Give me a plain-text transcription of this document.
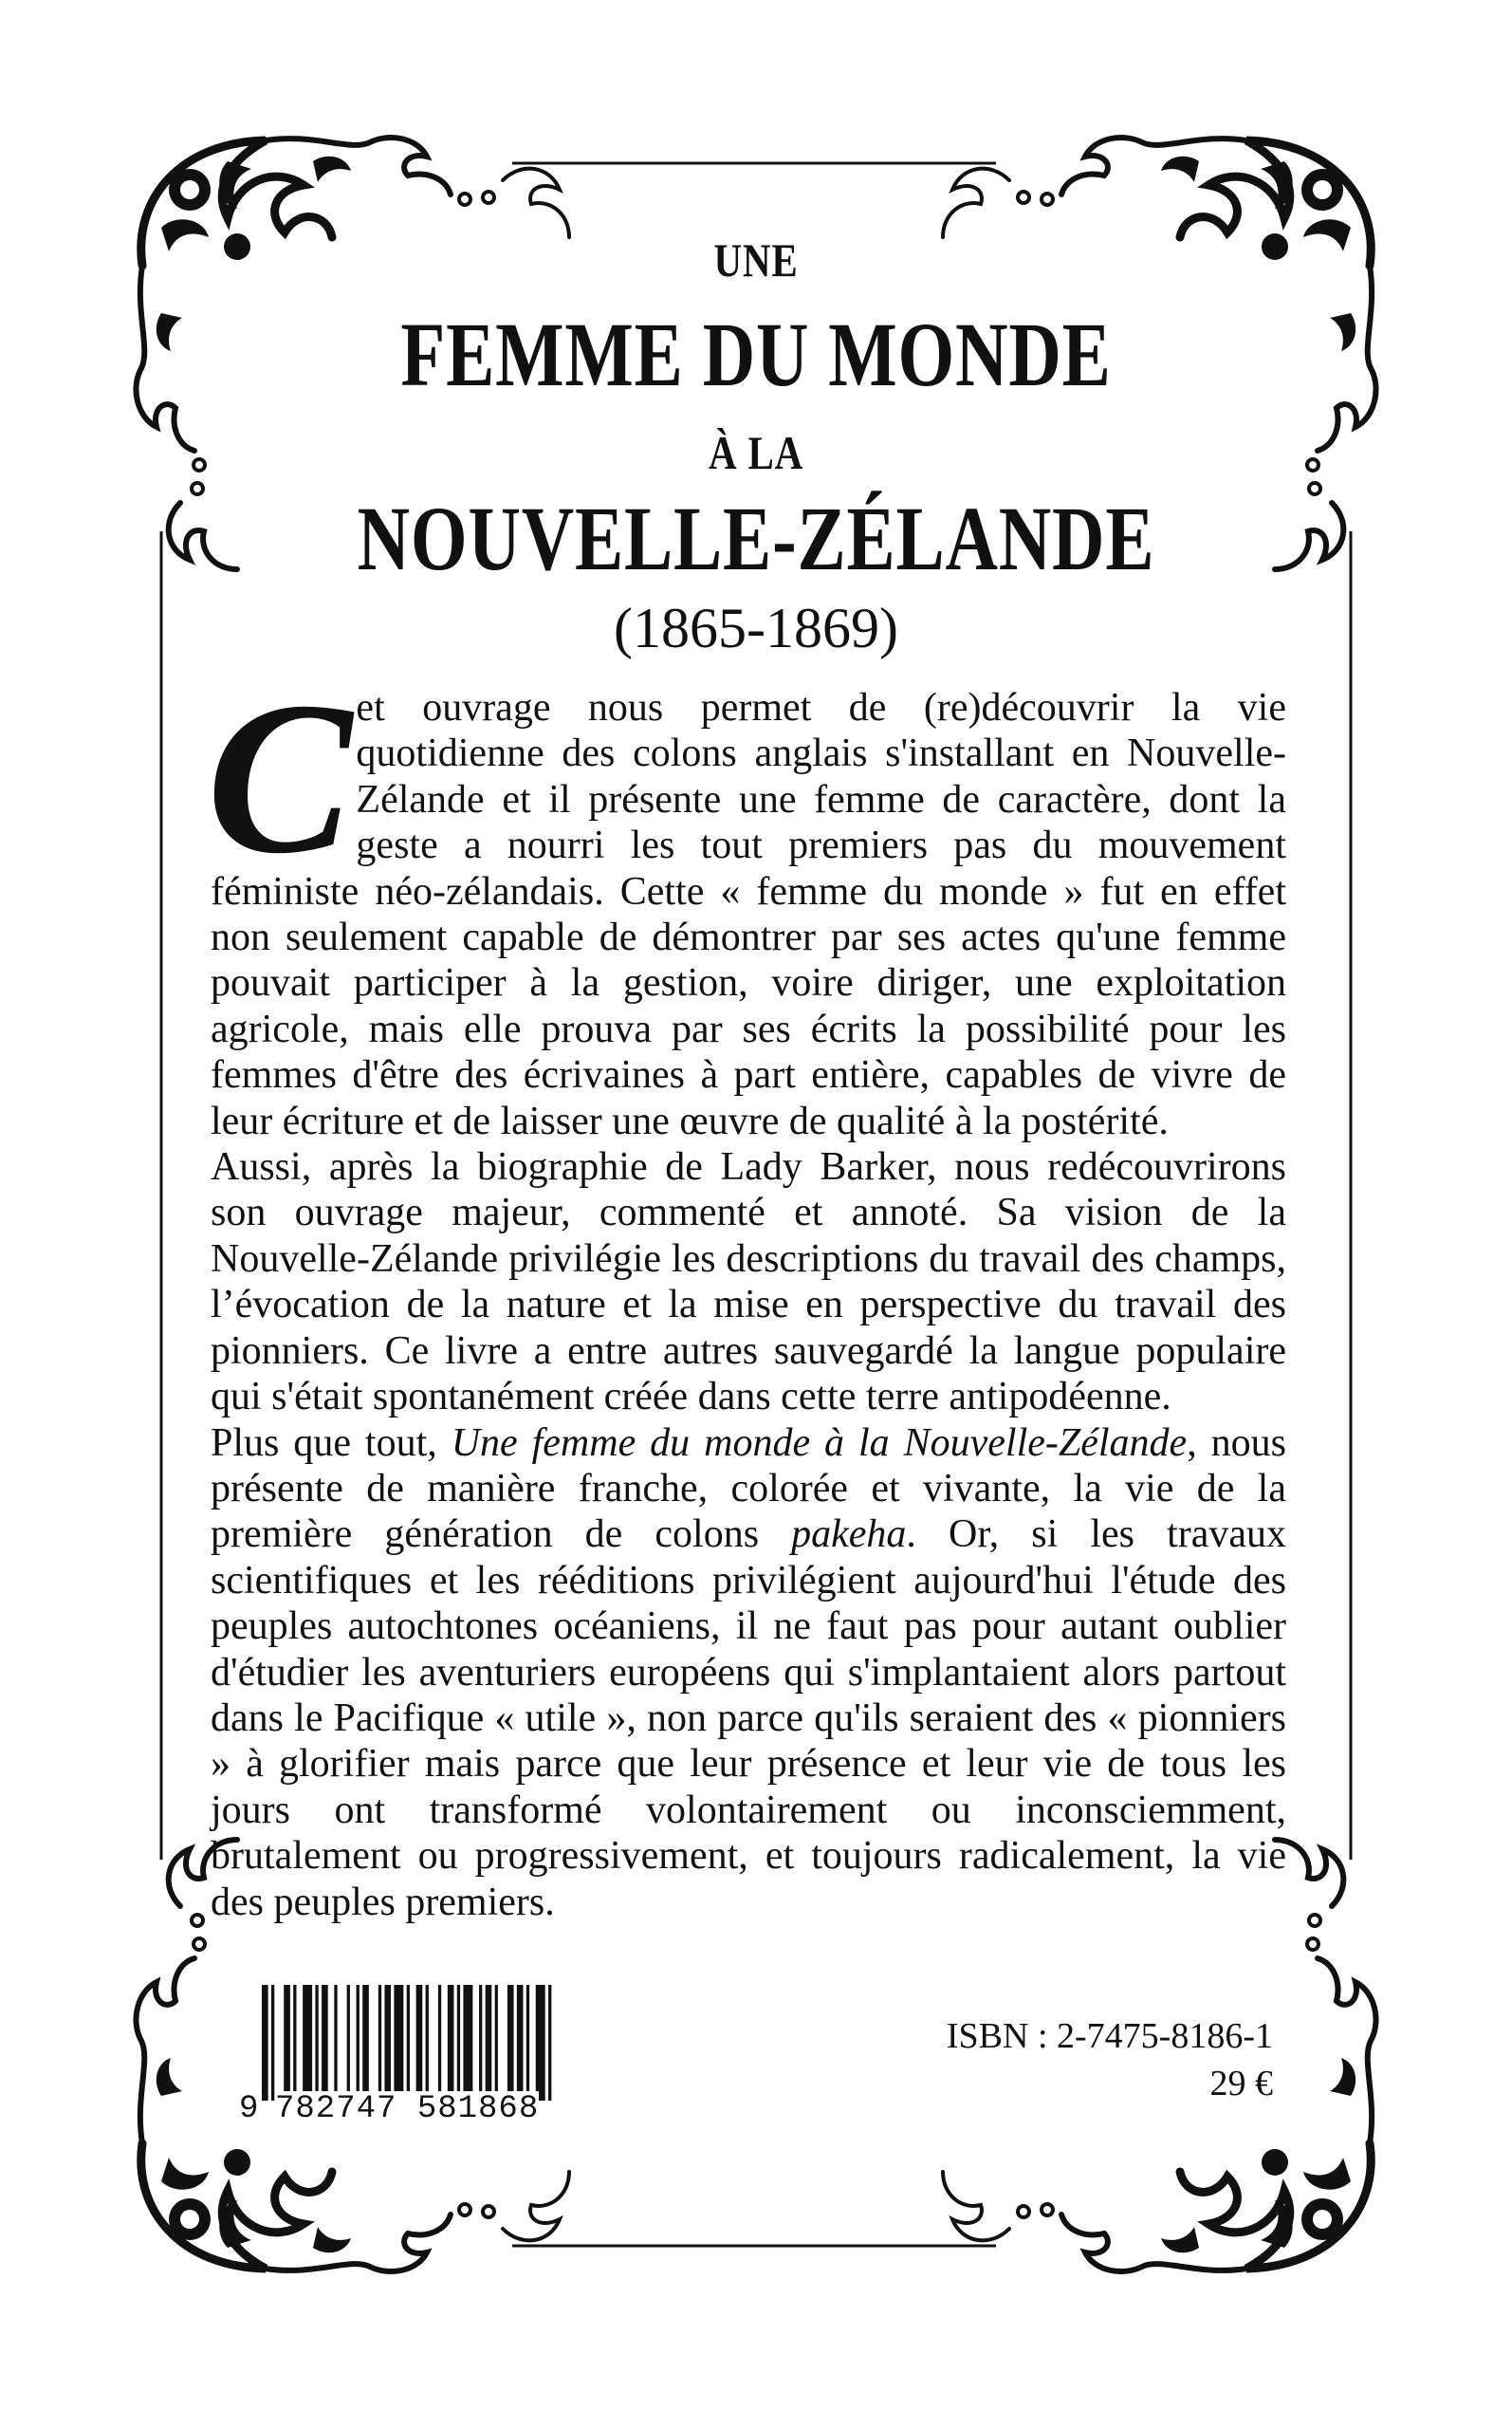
UNE
FEMME DU MONDE
À LA
NOUVELLE-ZÉLANDE
(1865-1869)

Cet ouvrage nous permet de (re)découvrir la vie quotidienne des colons anglais s'installant en Nouvelle-Zélande et il présente une femme de caractère, dont la geste a nourri les tout premiers pas du mouvement féministe néo-zélandais. Cette « femme du monde » fut en effet non seulement capable de démontrer par ses actes qu'une femme pouvait participer à la gestion, voire diriger, une exploitation agricole, mais elle prouva par ses écrits la possibilité pour les femmes d'être des écrivaines à part entière, capables de vivre de leur écriture et de laisser une œuvre de qualité à la postérité.

Aussi, après la biographie de Lady Barker, nous redécouvrirons son ouvrage majeur, commenté et annoté. Sa vision de la Nouvelle-Zélande privilégie les descriptions du travail des champs, l’évocation de la nature et la mise en perspective du travail des pionniers. Ce livre a entre autres sauvegardé la langue populaire qui s'était spontanément créée dans cette terre antipodéenne.

Plus que tout, Une femme du monde à la Nouvelle-Zélande, nous présente de manière franche, colorée et vivante, la vie de la première génération de colons pakeha. Or, si les travaux scientifiques et les rééditions privilégient aujourd'hui l'étude des peuples autochtones océaniens, il ne faut pas pour autant oublier d'étudier les aventuriers européens qui s'implantaient alors partout dans le Pacifique « utile », non parce qu'ils seraient des « pionniers » à glorifier mais parce que leur présence et leur vie de tous les jours ont transformé volontairement ou inconsciemment, brutalement ou progressivement, et toujours radicalement, la vie des peuples premiers.

9 782747 581868
ISBN : 2-7475-8186-1
29 €
